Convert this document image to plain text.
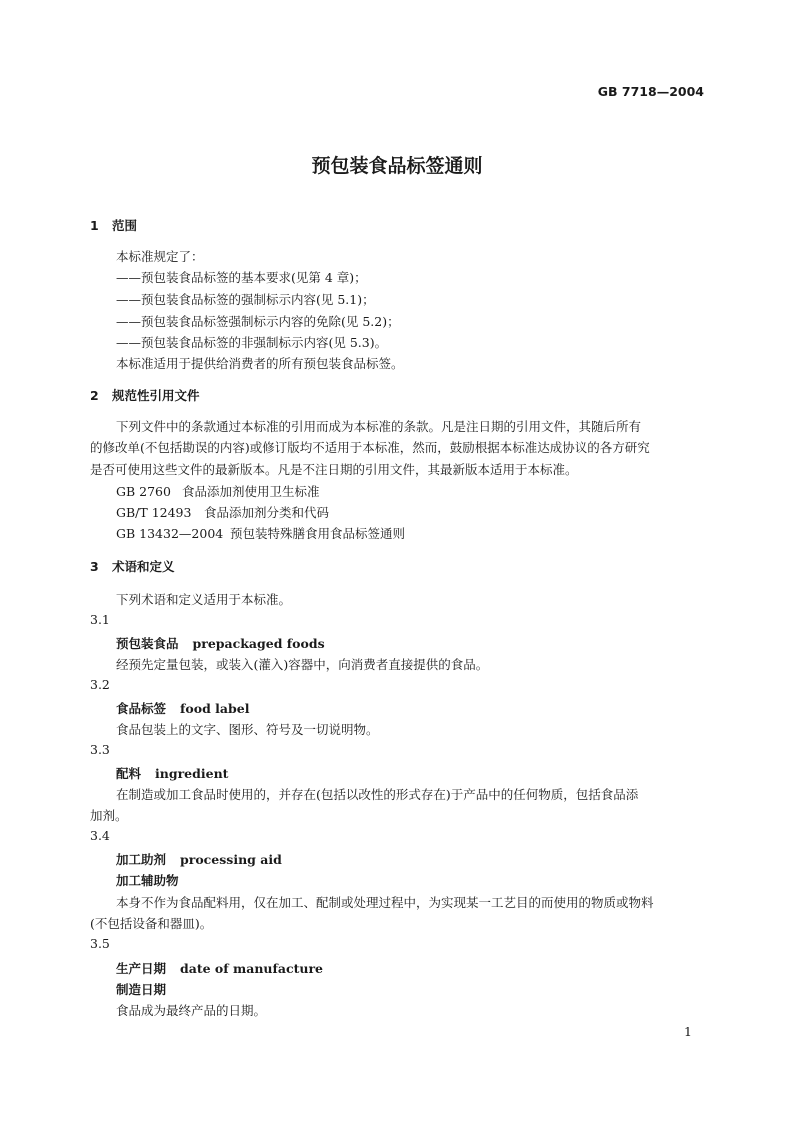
GB 7718—2004
预包装食品标签通则
1 范围
本标准规定了：
——预包装食品标签的基本要求(见第 4 章)；
——预包装食品标签的强制标示内容(见 5.1)；
——预包装食品标签强制标示内容的免除(见 5.2)；
——预包装食品标签的非强制标示内容(见 5.3)。
本标准适用于提供给消费者的所有预包装食品标签。
2 规范性引用文件
下列文件中的条款通过本标准的引用而成为本标准的条款。凡是注日期的引用文件，其随后所有
的修改单(不包括勘误的内容)或修订版均不适用于本标准，然而，鼓励根据本标准达成协议的各方研究
是否可使用这些文件的最新版本。凡是不注日期的引用文件，其最新版本适用于本标准。
GB 2760 食品添加剂使用卫生标准
GB/T 12493 食品添加剂分类和代码
GB 13432—2004 预包装特殊膳食用食品标签通则
3 术语和定义
下列术语和定义适用于本标准。
3.1
预包装食品 prepackaged foods
经预先定量包装，或装入(灌入)容器中，向消费者直接提供的食品。
3.2
食品标签 food label
食品包装上的文字、图形、符号及一切说明物。
3.3
配料 ingredient
在制造或加工食品时使用的，并存在(包括以改性的形式存在)于产品中的任何物质，包括食品添
加剂。
3.4
加工助剂 processing aid
加工辅助物
本身不作为食品配料用，仅在加工、配制或处理过程中，为实现某一工艺目的而使用的物质或物料
(不包括设备和器皿)。
3.5
生产日期 date of manufacture
制造日期
食品成为最终产品的日期。
1
